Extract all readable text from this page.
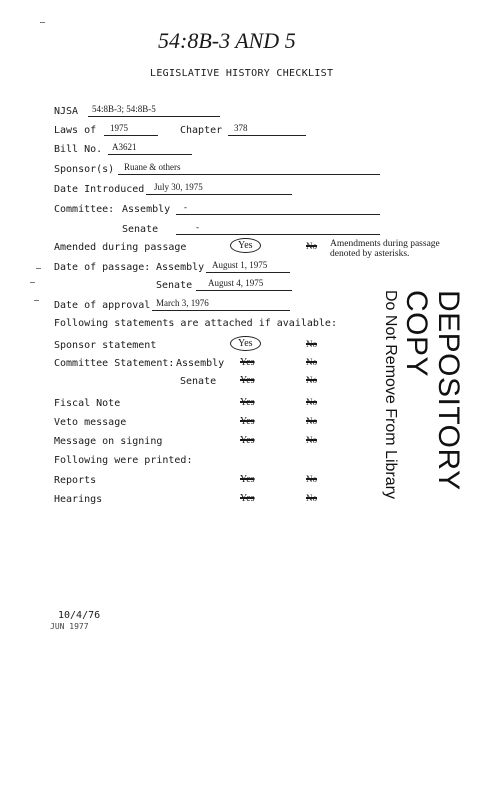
54:8B-3 AND 5
LEGISLATIVE HISTORY CHECKLIST
NJSA 54:8B-3; 54:8B-5
Laws of 1975	Chapter 378
Bill No. A3621
Sponsor(s) Ruane & others
Date Introduced July 30, 1975
Committee: Assembly -
Senate	-
Amended during passage	Yes	No Amendments during passage denoted by asterisks.
Date of passage: Assembly August 1, 1975
Senate August 4, 1975
Date of approval March 3, 1976
Following statements are attached if available:
Sponsor statement	Yes	No
Committee Statement: Assembly Yes	No
Senate Yes	No
Fiscal Note	Yes	No
Veto message	Yes	No
Message on signing	Yes	No
Following were printed:
Reports	Yes	No
Hearings	Yes	No
DEPOSITORY COPY
Do Not Remove From Library
10/4/76
JUN 1977
